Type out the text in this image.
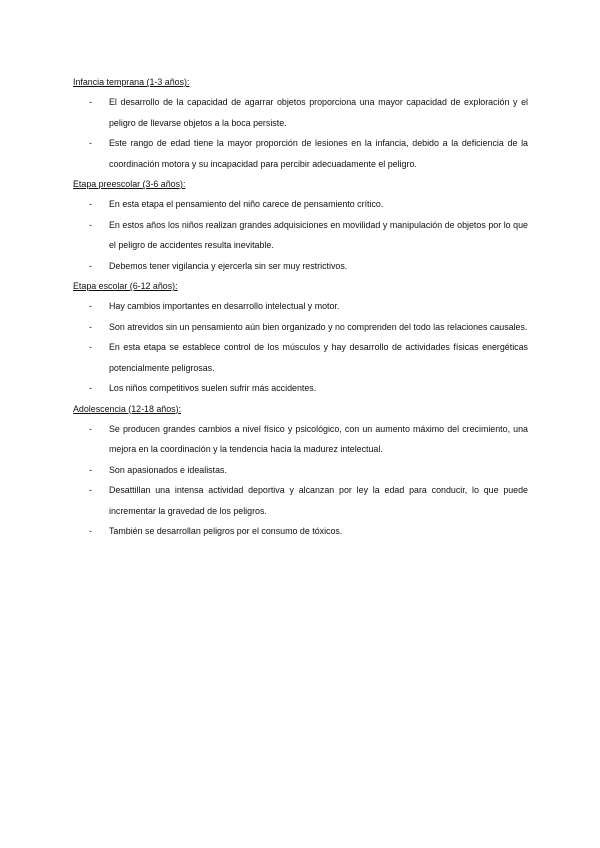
Infancia temprana (1-3 años):
- El desarrollo de la capacidad de agarrar objetos proporciona una mayor capacidad de exploración y el peligro de llevarse objetos a la boca persiste.
- Este rango de edad tiene la mayor proporción de lesiones en la infancia, debido a la deficiencia de la coordinación motora y su incapacidad para percibir adecuadamente el peligro.
Etapa preescolar (3-6 años):
- En esta etapa el pensamiento del niño carece de pensamiento crítico.
- En estos años los niños realizan grandes adquisiciones en movilidad y manipulación de objetos por lo que el peligro de accidentes resulta inevitable.
- Debemos tener vigilancia y ejercerla sin ser muy restrictivos.
Etapa escolar (6-12 años):
- Hay cambios importantes en desarrollo intelectual y motor.
- Son atrevidos sin un pensamiento aún bien organizado y no comprenden del todo las relaciones causales.
- En esta etapa se establece control de los músculos y hay desarrollo de actividades físicas energéticas potencialmente peligrosas.
- Los niños competitivos suelen sufrir más accidentes.
Adolescencia (12-18 años):
- Se producen grandes cambios a nivel físico y psicológico, con un aumento máximo del crecimiento, una mejora en la coordinación y la tendencia hacia la madurez intelectual.
- Son apasionados e idealistas.
- Desattillan una intensa actividad deportiva y alcanzan por ley la edad para conducir, lo que puede incrementar la gravedad de los peligros.
- También se desarrollan peligros por el consumo de tóxicos.
